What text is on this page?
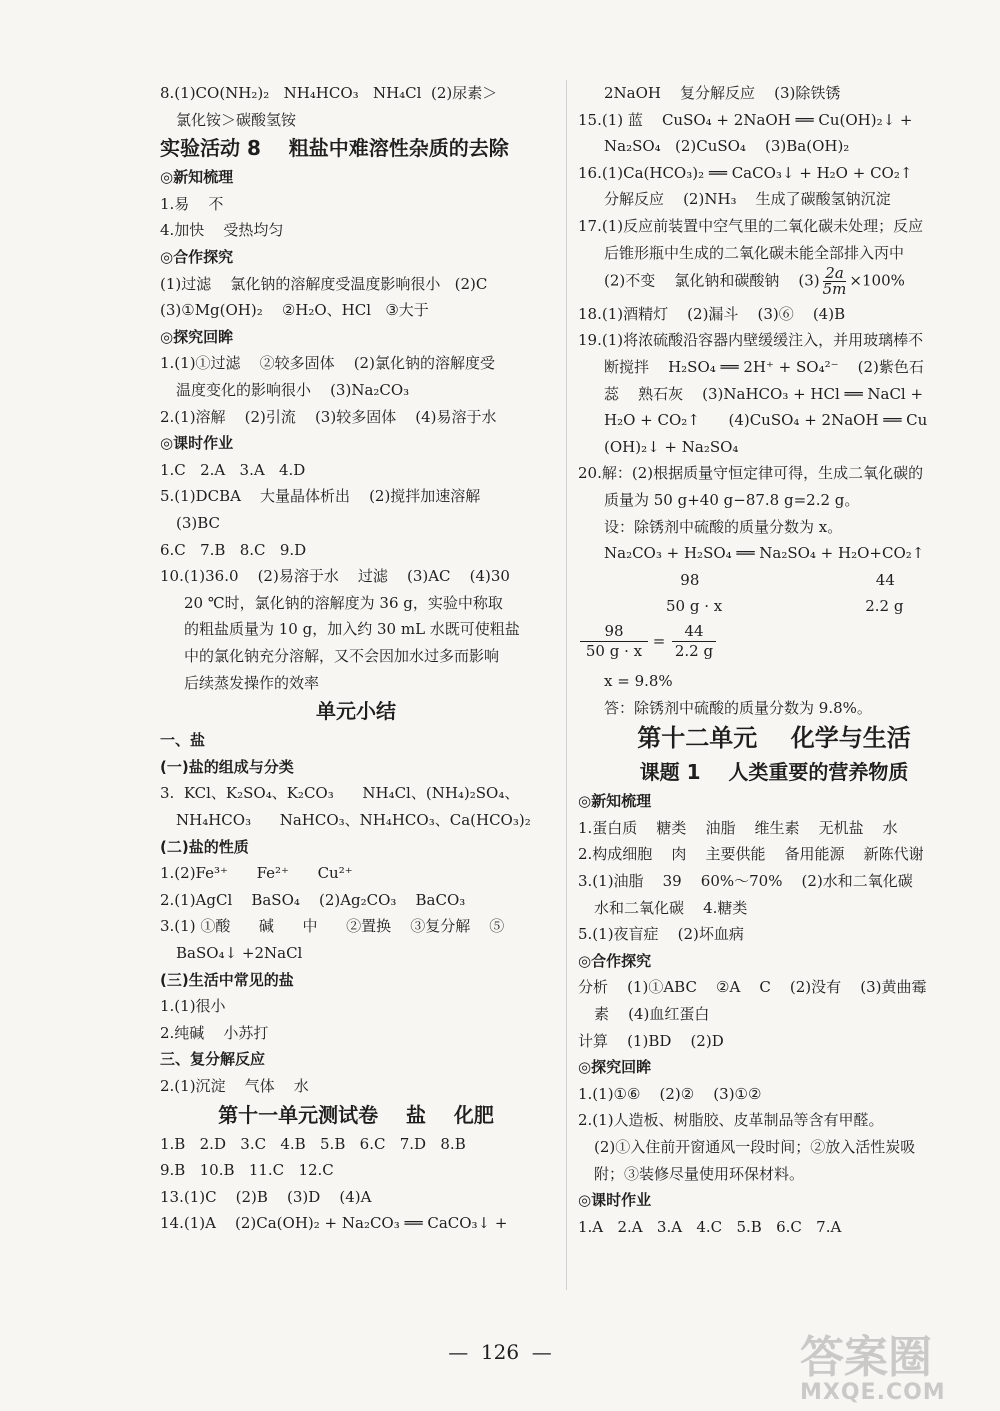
8.(1)CO(NH₂)₂   NH₄HCO₃   NH₄Cl  (2)尿素＞
氯化铵＞碳酸氢铵
实验活动 8    粗盐中难溶性杂质的去除
◎新知梳理
1.易    不
4.加快    受热均匀
◎合作探究
(1)过滤    氯化钠的溶解度受温度影响很小   (2)C
(3)①Mg(OH)₂    ②H₂O、HCl   ③大于
◎探究回眸
1.(1)①过滤    ②较多固体    (2)氯化钠的溶解度受
温度变化的影响很小    (3)Na₂CO₃
2.(1)溶解    (2)引流    (3)较多固体    (4)易溶于水
◎课时作业
1.C   2.A   3.A   4.D
5.(1)DCBA    大量晶体析出    (2)搅拌加速溶解
(3)BC
6.C   7.B   8.C   9.D
10.(1)36.0    (2)易溶于水    过滤    (3)AC    (4)30
20 ℃时，氯化钠的溶解度为 36 g，实验中称取
的粗盐质量为 10 g，加入约 30 mL 水既可使粗盐
中的氯化钠充分溶解，又不会因加水过多而影响
后续蒸发操作的效率
单元小结
一、盐
(一)盐的组成与分类
3.  KCl、K₂SO₄、K₂CO₃      NH₄Cl、(NH₄)₂SO₄、
NH₄HCO₃      NaHCO₃、NH₄HCO₃、Ca(HCO₃)₂
(二)盐的性质
1.(2)Fe³⁺      Fe²⁺      Cu²⁺
2.(1)AgCl    BaSO₄    (2)Ag₂CO₃    BaCO₃
3.(1) ①酸      碱      中      ②置换    ③复分解    ⑤
BaSO₄↓ +2NaCl
(三)生活中常见的盐
1.(1)很小
2.纯碱    小苏打
三、复分解反应
2.(1)沉淀    气体    水
第十一单元测试卷    盐    化肥
1.B   2.D   3.C   4.B   5.B   6.C   7.D   8.B
9.B   10.B   11.C   12.C
13.(1)C    (2)B    (3)D    (4)A
14.(1)A    (2)Ca(OH)₂ + Na₂CO₃ ══ CaCO₃↓ +
2NaOH    复分解反应    (3)除铁锈
15.(1) 蓝    CuSO₄ + 2NaOH ══ Cu(OH)₂↓ +
Na₂SO₄   (2)CuSO₄    (3)Ba(OH)₂
16.(1)Ca(HCO₃)₂ ══ CaCO₃↓ + H₂O + CO₂↑
分解反应    (2)NH₃    生成了碳酸氢钠沉淀
17.(1)反应前装置中空气里的二氧化碳未处理；反应
后锥形瓶中生成的二氧化碳未能全部排入丙中
(2)不变    氯化钠和碳酸钠    $(3) \frac{2a}{5m} \times 100\%$
18.(1)酒精灯    (2)漏斗    (3)⑥    (4)B
19.(1)将浓硫酸沿容器内壁缓缓注入，并用玻璃棒不
断搅拌    H₂SO₄ ══ 2H⁺ + SO₄²⁻    (2)紫色石
蕊    熟石灰    (3)NaHCO₃ + HCl ══ NaCl +
H₂O + CO₂↑      (4)CuSO₄ + 2NaOH ══ Cu
(OH)₂↓ + Na₂SO₄
20.解：(2)根据质量守恒定律可得，生成二氧化碳的
质量为 50 g+40 g−87.8 g=2.2 g。
设：除锈剂中硫酸的质量分数为 x。
Na₂CO₃ + H₂SO₄ ══ Na₂SO₄ + H₂O+CO₂↑
98                                     44
50 g · x                              2.2 g
98
50 g · x
=
44
2.2 g
x = 9.8%
答：除锈剂中硫酸的质量分数为 9.8%。
第十二单元    化学与生活
课题 1    人类重要的营养物质
◎新知梳理
1.蛋白质    糖类    油脂    维生素    无机盐    水
2.构成细胞    肉    主要供能    备用能源    新陈代谢
3.(1)油脂    39    60%～70%    (2)水和二氧化碳
水和二氧化碳    4.糖类
5.(1)夜盲症    (2)坏血病
◎合作探究
分析    (1)①ABC    ②A    C    (2)没有    (3)黄曲霉
素    (4)血红蛋白
计算    (1)BD    (2)D
◎探究回眸
1.(1)①⑥    (2)②    (3)①②
2.(1)人造板、树脂胶、皮革制品等含有甲醛。
(2)①入住前开窗通风一段时间；②放入活性炭吸
附；③装修尽量使用环保材料。
◎课时作业
1.A   2.A   3.A   4.C   5.B   6.C   7.A
—  126  —	答案圈
MXQE.COM
